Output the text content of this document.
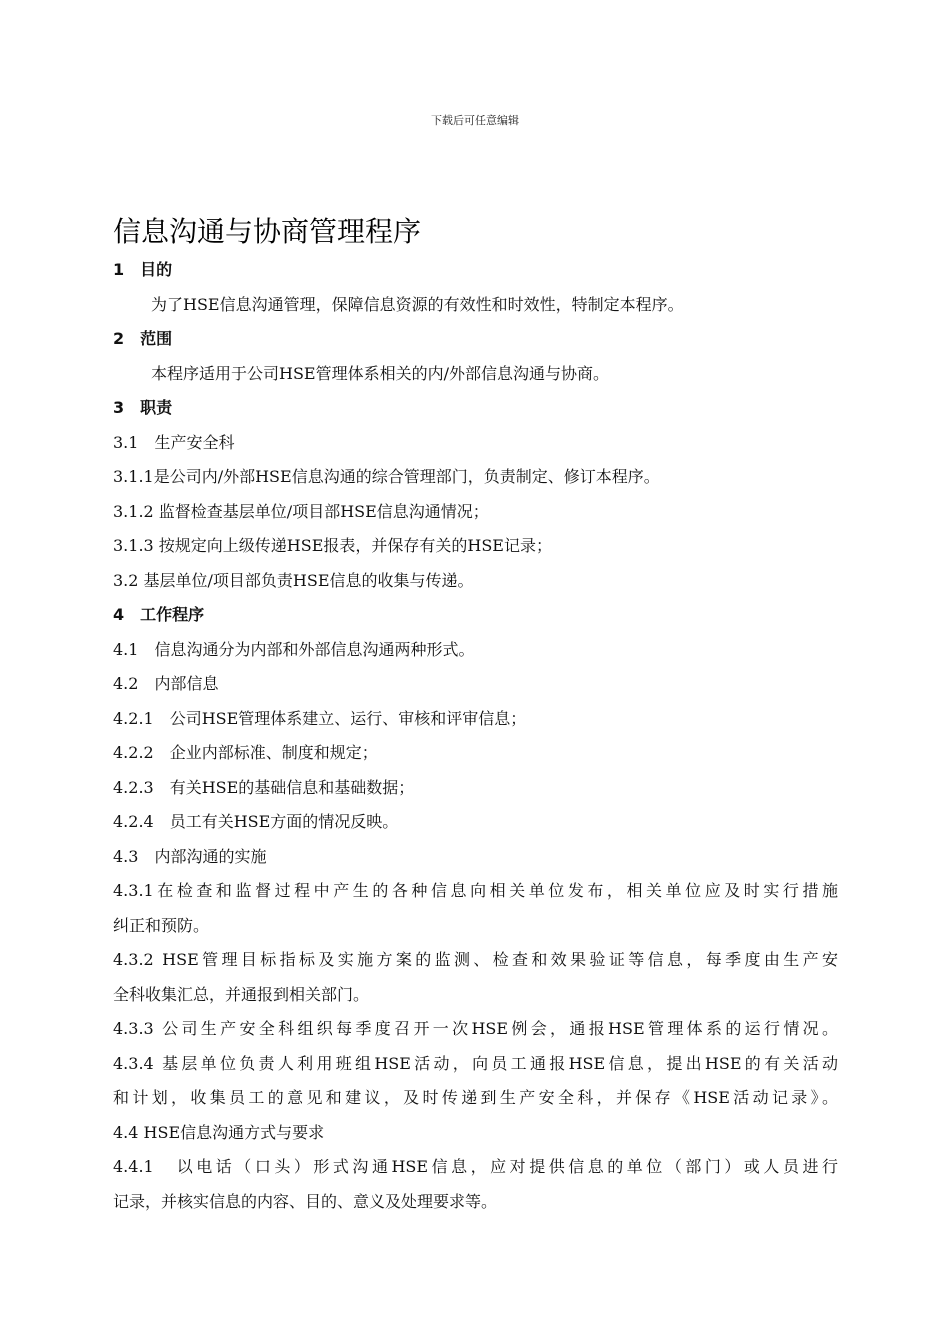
下载后可任意编辑
信息沟通与协商管理程序
1　目的
为了HSE信息沟通管理，保障信息资源的有效性和时效性，特制定本程序。
2　范围
本程序适用于公司HSE管理体系相关的内/外部信息沟通与协商。
3　职责
3.1　生产安全科
3.1.1是公司内/外部HSE信息沟通的综合管理部门，负责制定、修订本程序。
3.1.2 监督检查基层单位/项目部HSE信息沟通情况；
3.1.3 按规定向上级传递HSE报表，并保存有关的HSE记录；
3.2 基层单位/项目部负责HSE信息的收集与传递。
4　工作程序
4.1　信息沟通分为内部和外部信息沟通两种形式。
4.2　内部信息
4.2.1　公司HSE管理体系建立、运行、审核和评审信息；
4.2.2　企业内部标准、制度和规定；
4.2.3　有关HSE的基础信息和基础数据；
4.2.4　员工有关HSE方面的情况反映。
4.3　内部沟通的实施
4.3.1在检查和监督过程中产生的各种信息向相关单位发布，相关单位应及时实行措施
纠正和预防。
4.3.2 HSE管理目标指标及实施方案的监测、检查和效果验证等信息，每季度由生产安
全科收集汇总，并通报到相关部门。
4.3.3 公司生产安全科组织每季度召开一次HSE例会，通报HSE管理体系的运行情况。
4.3.4 基层单位负责人利用班组HSE活动，向员工通报HSE信息，提出HSE的有关活动
和计划，收集员工的意见和建议，及时传递到生产安全科，并保存《HSE活动记录》。
4.4 HSE信息沟通方式与要求
4.4.1　以电话（口头）形式沟通HSE信息，应对提供信息的单位（部门）或人员进行
记录，并核实信息的内容、目的、意义及处理要求等。
